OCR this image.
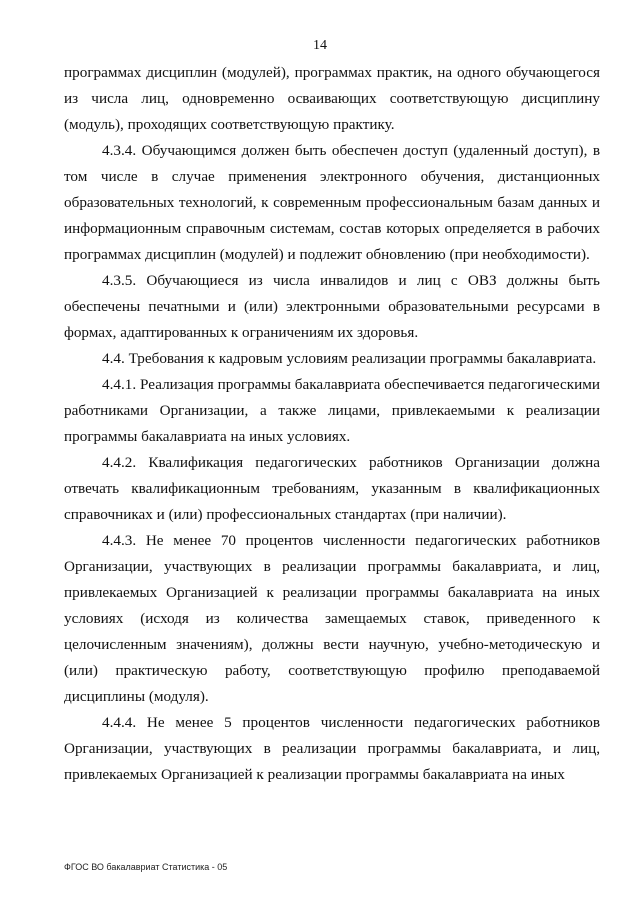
14

программах дисциплин (модулей), программах практик, на одного обучающегося из числа лиц, одновременно осваивающих соответствующую дисциплину (модуль), проходящих соответствующую практику.

4.3.4. Обучающимся должен быть обеспечен доступ (удаленный доступ), в том числе в случае применения электронного обучения, дистанционных образовательных технологий, к современным профессиональным базам данных и информационным справочным системам, состав которых определяется в рабочих программах дисциплин (модулей) и подлежит обновлению (при необходимости).

4.3.5. Обучающиеся из числа инвалидов и лиц с ОВЗ должны быть обеспечены печатными и (или) электронными образовательными ресурсами в формах, адаптированных к ограничениям их здоровья.

4.4. Требования к кадровым условиям реализации программы бакалавриата.

4.4.1. Реализация программы бакалавриата обеспечивается педагогическими работниками Организации, а также лицами, привлекаемыми к реализации программы бакалавриата на иных условиях.

4.4.2. Квалификация педагогических работников Организации должна отвечать квалификационным требованиям, указанным в квалификационных справочниках и (или) профессиональных стандартах (при наличии).

4.4.3. Не менее 70 процентов численности педагогических работников Организации, участвующих в реализации программы бакалавриата, и лиц, привлекаемых Организацией к реализации программы бакалавриата на иных условиях (исходя из количества замещаемых ставок, приведенного к целочисленным значениям), должны вести научную, учебно-методическую и (или) практическую работу, соответствующую профилю преподаваемой дисциплины (модуля).

4.4.4. Не менее 5 процентов численности педагогических работников Организации, участвующих в реализации программы бакалавриата, и лиц, привлекаемых Организацией к реализации программы бакалавриата на иных

ФГОС ВО бакалавриат Статистика - 05
